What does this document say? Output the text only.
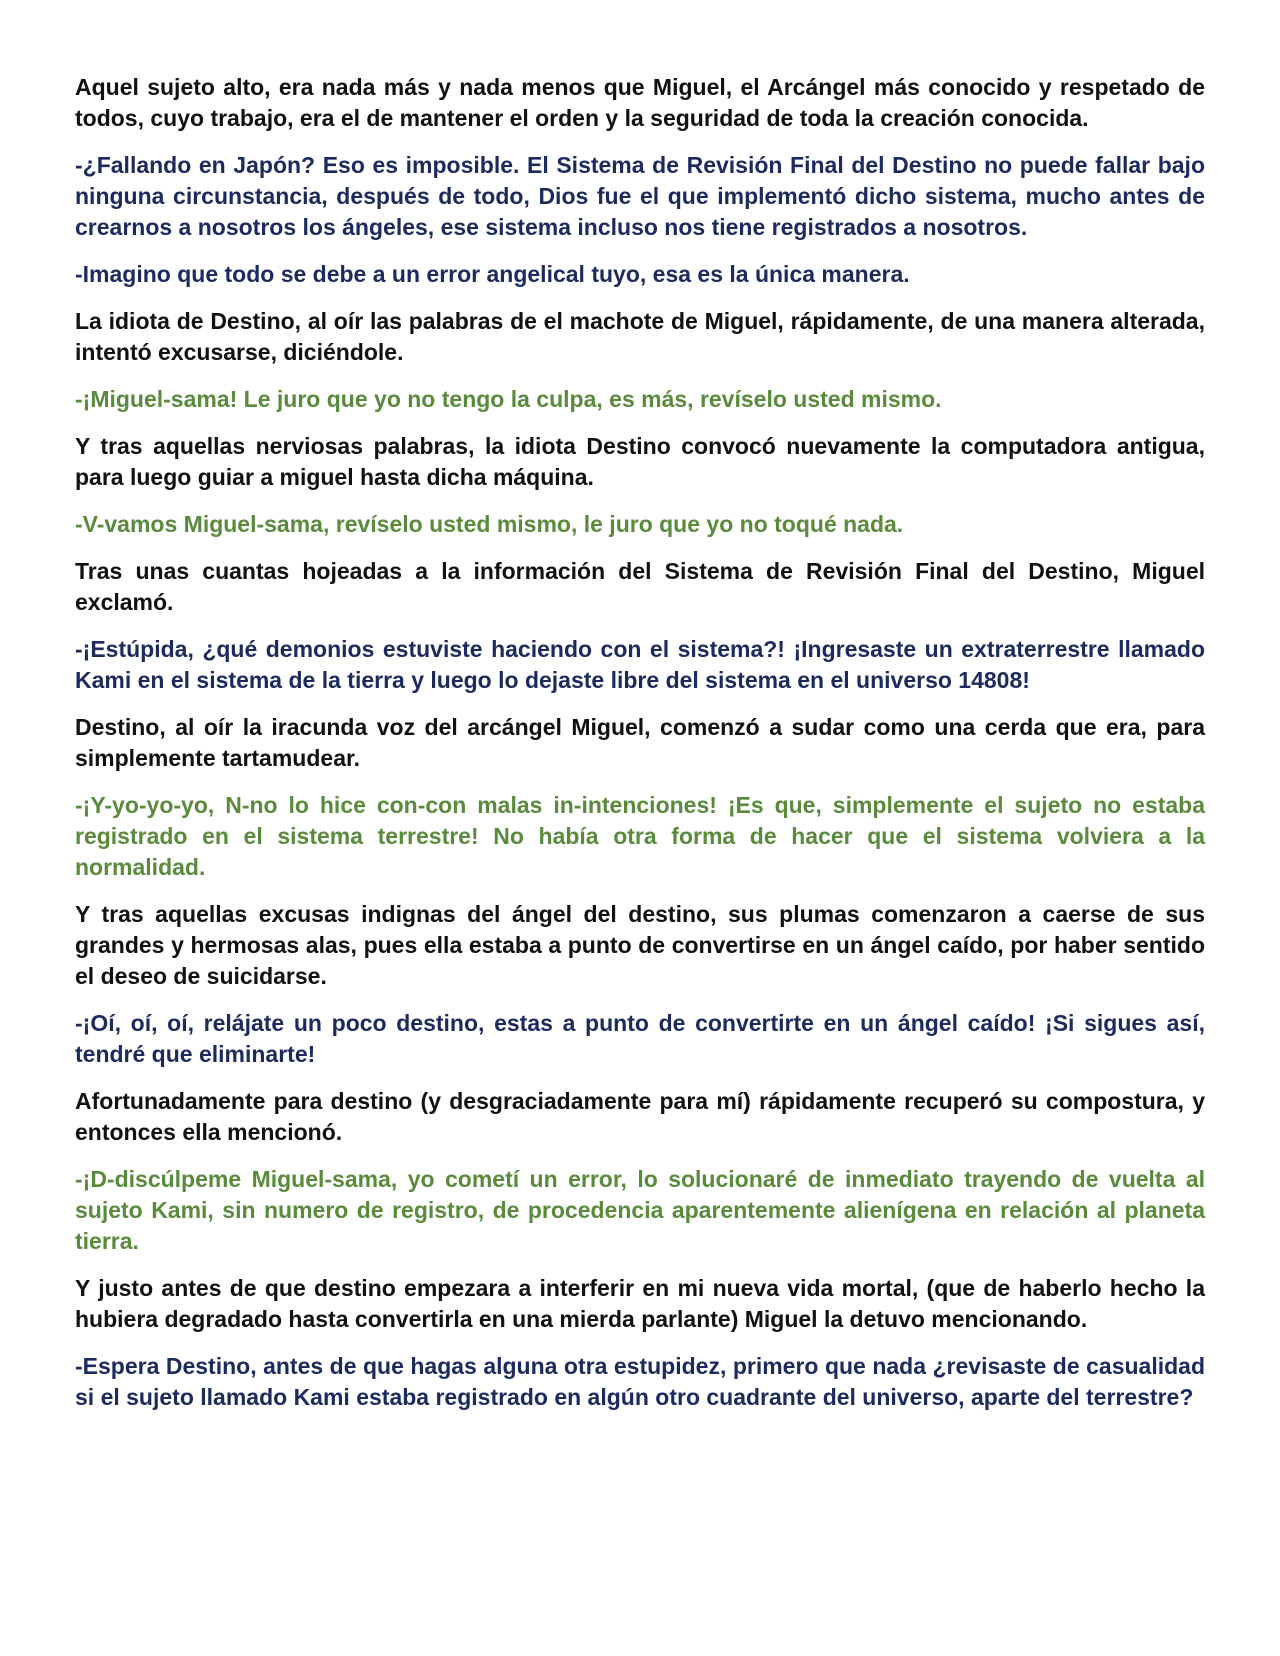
Aquel sujeto alto, era nada más y nada menos que Miguel, el Arcángel más conocido y respetado de todos, cuyo trabajo, era el de mantener el orden y la seguridad de toda la creación conocida.

-¿Fallando en Japón? Eso es imposible. El Sistema de Revisión Final del Destino no puede fallar bajo ninguna circunstancia, después de todo, Dios fue el que implementó dicho sistema, mucho antes de crearnos a nosotros los ángeles, ese sistema incluso nos tiene registrados a nosotros.

-Imagino que todo se debe a un error angelical tuyo, esa es la única manera.

La idiota de Destino, al oír las palabras de el machote de Miguel, rápidamente, de una manera alterada, intentó excusarse, diciéndole.

-¡Miguel-sama! Le juro que yo no tengo la culpa, es más, revíselo usted mismo.

Y tras aquellas nerviosas palabras, la idiota Destino convocó nuevamente la computadora antigua, para luego guiar a miguel hasta dicha máquina.

-V-vamos Miguel-sama, revíselo usted mismo, le juro que yo no toqué nada.

Tras unas cuantas hojeadas a la información del Sistema de Revisión Final del Destino, Miguel exclamó.

-¡Estúpida, ¿qué demonios estuviste haciendo con el sistema?! ¡Ingresaste un extraterrestre llamado Kami en el sistema de la tierra y luego lo dejaste libre del sistema en el universo 14808!

Destino, al oír la iracunda voz del arcángel Miguel, comenzó a sudar como una cerda que era, para simplemente tartamudear.

-¡Y-yo-yo-yo, N-no lo hice con-con malas in-intenciones! ¡Es que, simplemente el sujeto no estaba registrado en el sistema terrestre! No había otra forma de hacer que el sistema volviera a la normalidad.

Y tras aquellas excusas indignas del ángel del destino, sus plumas comenzaron a caerse de sus grandes y hermosas alas, pues ella estaba a punto de convertirse en un ángel caído, por haber sentido el deseo de suicidarse.

-¡Oí, oí, oí, relájate un poco destino, estas a punto de convertirte en un ángel caído! ¡Si sigues así, tendré que eliminarte!

Afortunadamente para destino (y desgraciadamente para mí) rápidamente recuperó su compostura, y entonces ella mencionó.

-¡D-discúlpeme Miguel-sama, yo cometí un error, lo solucionaré de inmediato trayendo de vuelta al sujeto Kami, sin numero de registro, de procedencia aparentemente alienígena en relación al planeta tierra.

Y justo antes de que destino empezara a interferir en mi nueva vida mortal, (que de haberlo hecho la hubiera degradado hasta convertirla en una mierda parlante) Miguel la detuvo mencionando.

-Espera Destino, antes de que hagas alguna otra estupidez, primero que nada ¿revisaste de casualidad si el sujeto llamado Kami estaba registrado en algún otro cuadrante del universo, aparte del terrestre?
